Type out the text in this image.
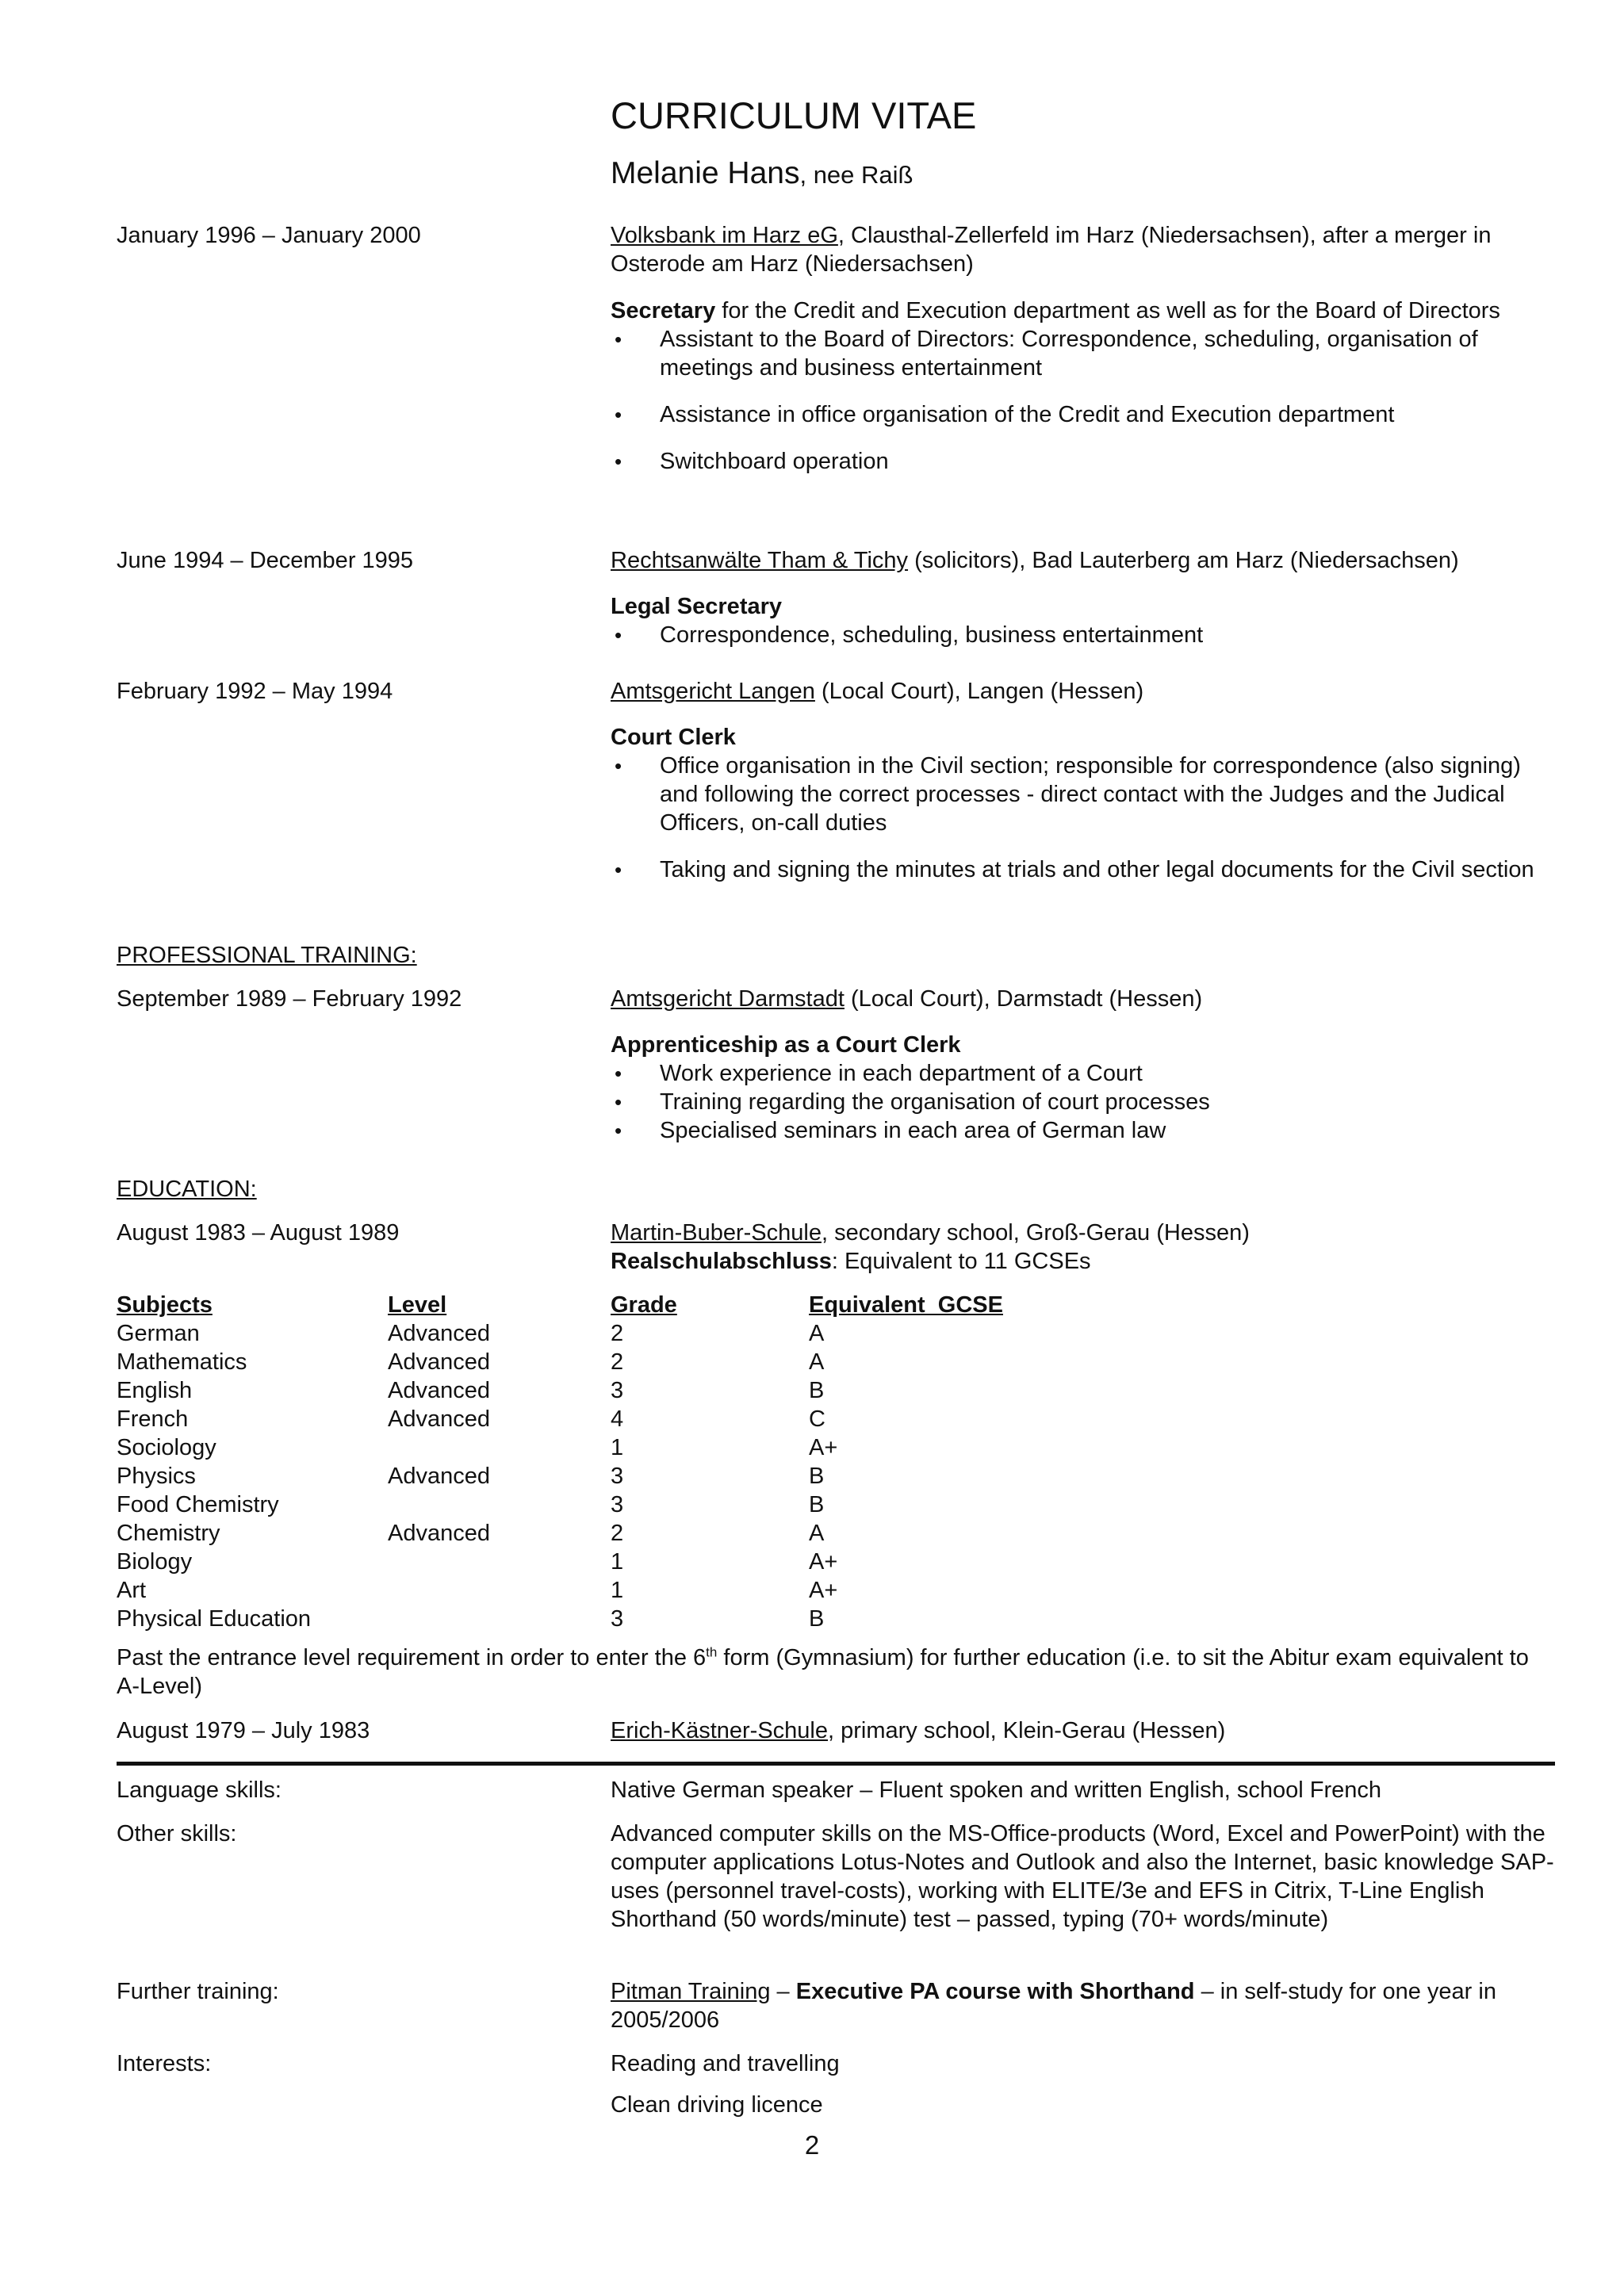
CURRICULUM VITAE
Melanie Hans, nee Raiß
January 1996 – January 2000	Volksbank im Harz eG, Clausthal-Zellerfeld im Harz (Niedersachsen), after a merger in Osterode am Harz (Niedersachsen)
Secretary for the Credit and Execution department as well as for the Board of Directors
• Assistant to the Board of Directors: Correspondence, scheduling, organisation of meetings and business entertainment
• Assistance in office organisation of the Credit and Execution department
• Switchboard operation
June 1994 – December 1995	Rechtsanwälte Tham & Tichy (solicitors), Bad Lauterberg am Harz (Niedersachsen)
Legal Secretary
• Correspondence, scheduling, business entertainment
February 1992 – May 1994	Amtsgericht Langen (Local Court), Langen (Hessen)
Court Clerk
• Office organisation in the Civil section; responsible for correspondence (also signing) and following the correct processes - direct contact with the Judges and the Judical Officers, on-call duties
• Taking and signing the minutes at trials and other legal documents for the Civil section
PROFESSIONAL TRAINING:
September 1989 – February 1992	Amtsgericht Darmstadt (Local Court), Darmstadt (Hessen)
Apprenticeship as a Court Clerk
• Work experience in each department of a Court
• Training regarding the organisation of court processes
• Specialised seminars in each area of German law
EDUCATION:
August 1983 – August 1989	Martin-Buber-Schule, secondary school, Groß-Gerau (Hessen)
Realschulabschluss: Equivalent to 11 GCSEs
Subjects	Level	Grade	Equivalent  GCSE
German	Advanced	2	A
Mathematics	Advanced	2	A
English	Advanced	3	B
French	Advanced	4	C
Sociology		1	A+
Physics	Advanced	3	B
Food Chemistry		3	B
Chemistry	Advanced	2	A
Biology		1	A+
Art		1	A+
Physical Education		3	B
Past the entrance level requirement in order to enter the 6th form (Gymnasium) for further education (i.e. to sit the Abitur exam equivalent to A-Level)
August 1979 – July 1983	Erich-Kästner-Schule, primary school, Klein-Gerau (Hessen)
Language skills:	Native German speaker – Fluent spoken and written English, school French
Other skills:	Advanced computer skills on the MS-Office-products (Word, Excel and PowerPoint) with the computer applications Lotus-Notes and Outlook and also the Internet, basic knowledge SAP-uses (personnel travel-costs), working with ELITE/3e and EFS in Citrix, T-Line English Shorthand (50 words/minute) test – passed, typing (70+ words/minute)
Further training:	Pitman Training – Executive PA course with Shorthand – in self-study for one year in 2005/2006
Interests:	Reading and travelling
Clean driving licence
2
